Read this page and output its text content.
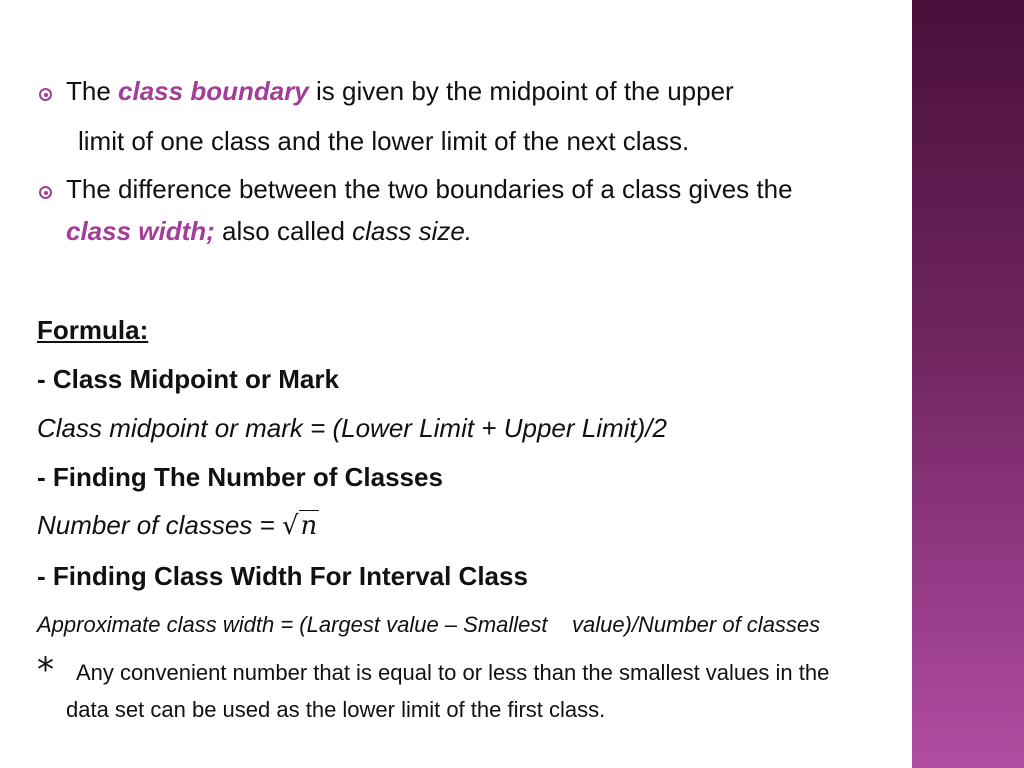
The class boundary is given by the midpoint of the upper
limit of one class and the lower limit of the next class.
The difference between the two boundaries of a class gives the
class width; also called class size.
Formula:
- Class Midpoint or Mark
Class midpoint or mark = (Lower Limit + Upper Limit)/2
- Finding The Number of Classes
Number of classes = √n
- Finding Class Width For Interval Class
Approximate class width = (Largest value – Smallest    value)/Number of classes
* Any convenient number that is equal to or less than the smallest values in the
data set can be used as the lower limit of the first class.
